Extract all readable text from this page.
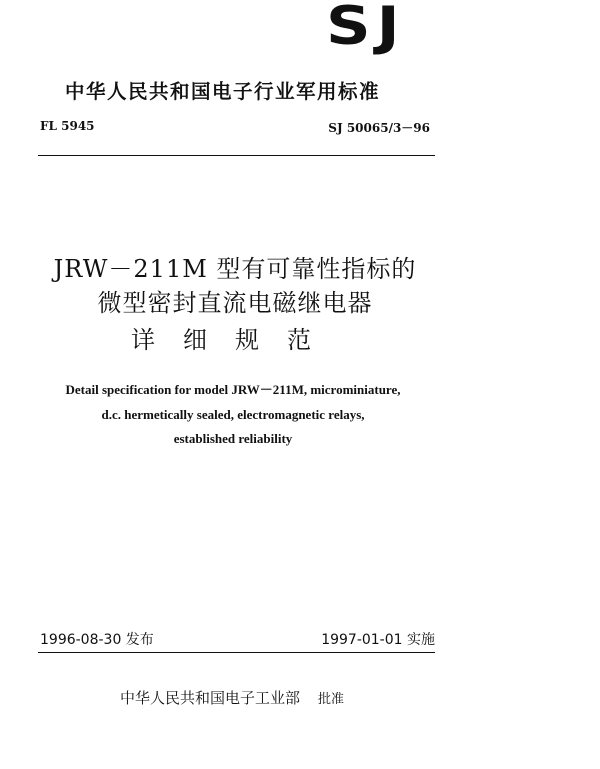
SJ
中华人民共和国电子行业军用标准
FL 5945	SJ 50065/3－96
JRW－211M 型有可靠性指标的
微型密封直流电磁继电器
详细规范
Detail specification for model JRW－211M, microminiature,
d.c. hermetically sealed, electromagnetic relays,
established reliability
1996-08-30 发布	1997-01-01 实施
中华人民共和国电子工业部 批准
